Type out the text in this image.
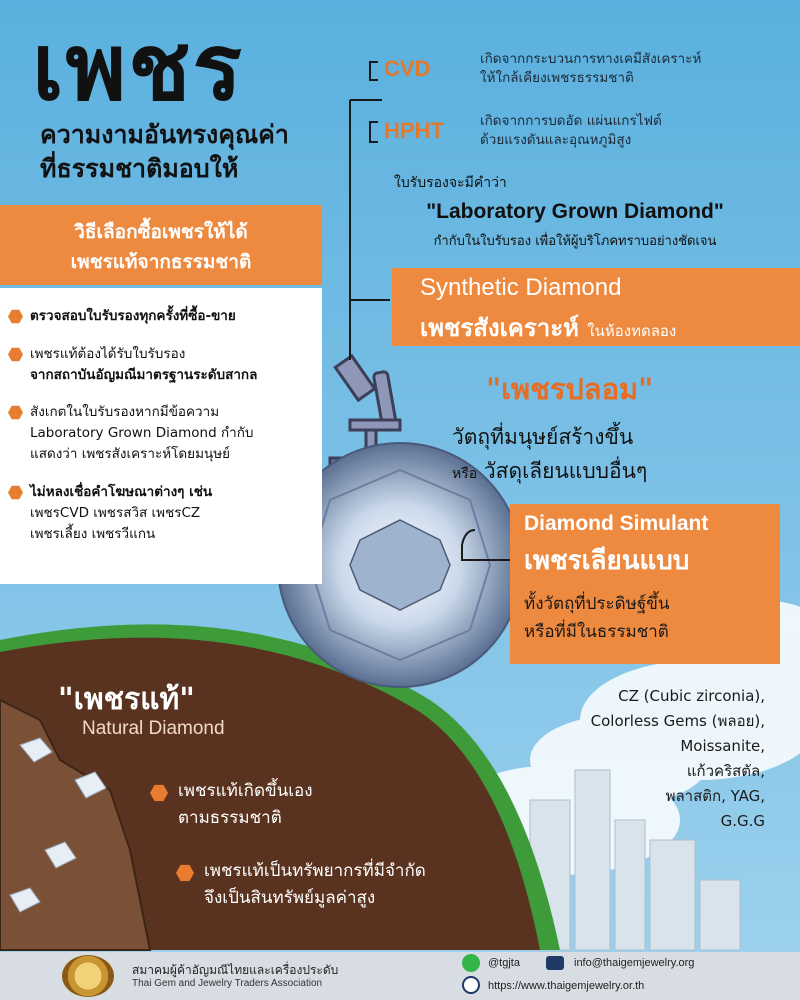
เพชร
ความงามอันทรงคุณค่า
ที่ธรรมชาติมอบให้
CVD	เกิดจากกระบวนการทางเคมีสังเคราะห์
ให้ใกล้เคียงเพชรธรรมชาติ
HPHT	เกิดจากการบดอัด แผ่นแกรไฟต์
ด้วยแรงดันและอุณหภูมิสูง
ใบรับรองจะมีคำว่า
"Laboratory Grown Diamond"
กำกับในใบรับรอง เพื่อให้ผู้บริโภคทราบอย่างชัดเจน
Synthetic Diamond
เพชรสังเคราะห์ ในห้องทดลอง
"เพชรปลอม"
วัตถุที่มนุษย์สร้างขึ้น
หรือ วัสดุเลียนแบบอื่นๆ
Diamond Simulant
เพชรเลียนแบบ
ทั้งวัตถุที่ประดิษฐ์ขึ้น
หรือที่มีในธรรมชาติ
CZ (Cubic zirconia),
Colorless Gems (พลอย),
Moissanite,
แก้วคริสตัล,
พลาสติก, YAG,
G.G.G
วิธีเลือกซื้อเพชรให้ได้
เพชรแท้จากธรรมชาติ
ตรวจสอบใบรับรองทุกครั้งที่ซื้อ-ขาย
เพชรแท้ต้องได้รับใบรับรอง
จากสถาบันอัญมณีมาตรฐานระดับสากล
สังเกตในใบรับรองหากมีข้อความ
Laboratory Grown Diamond กำกับ
แสดงว่า เพชรสังเคราะห์โดยมนุษย์
ไม่หลงเชื่อคำโฆษณาต่างๆ เช่น
เพชรCVD เพชรสวิส เพชรCZ
เพชรเลี้ยง เพชรวีแกน
"เพชรแท้"
Natural Diamond
เพชรแท้เกิดขึ้นเอง
ตามธรรมชาติ
เพชรแท้เป็นทรัพยากรที่มีจำกัด
จึงเป็นสินทรัพย์มูลค่าสูง
สมาคมผู้ค้าอัญมณีไทยและเครื่องประดับ
Thai Gem and Jewelry Traders Association
@tgjta	info@thaigemjewelry.org
https://www.thaigemjewelry.or.th
